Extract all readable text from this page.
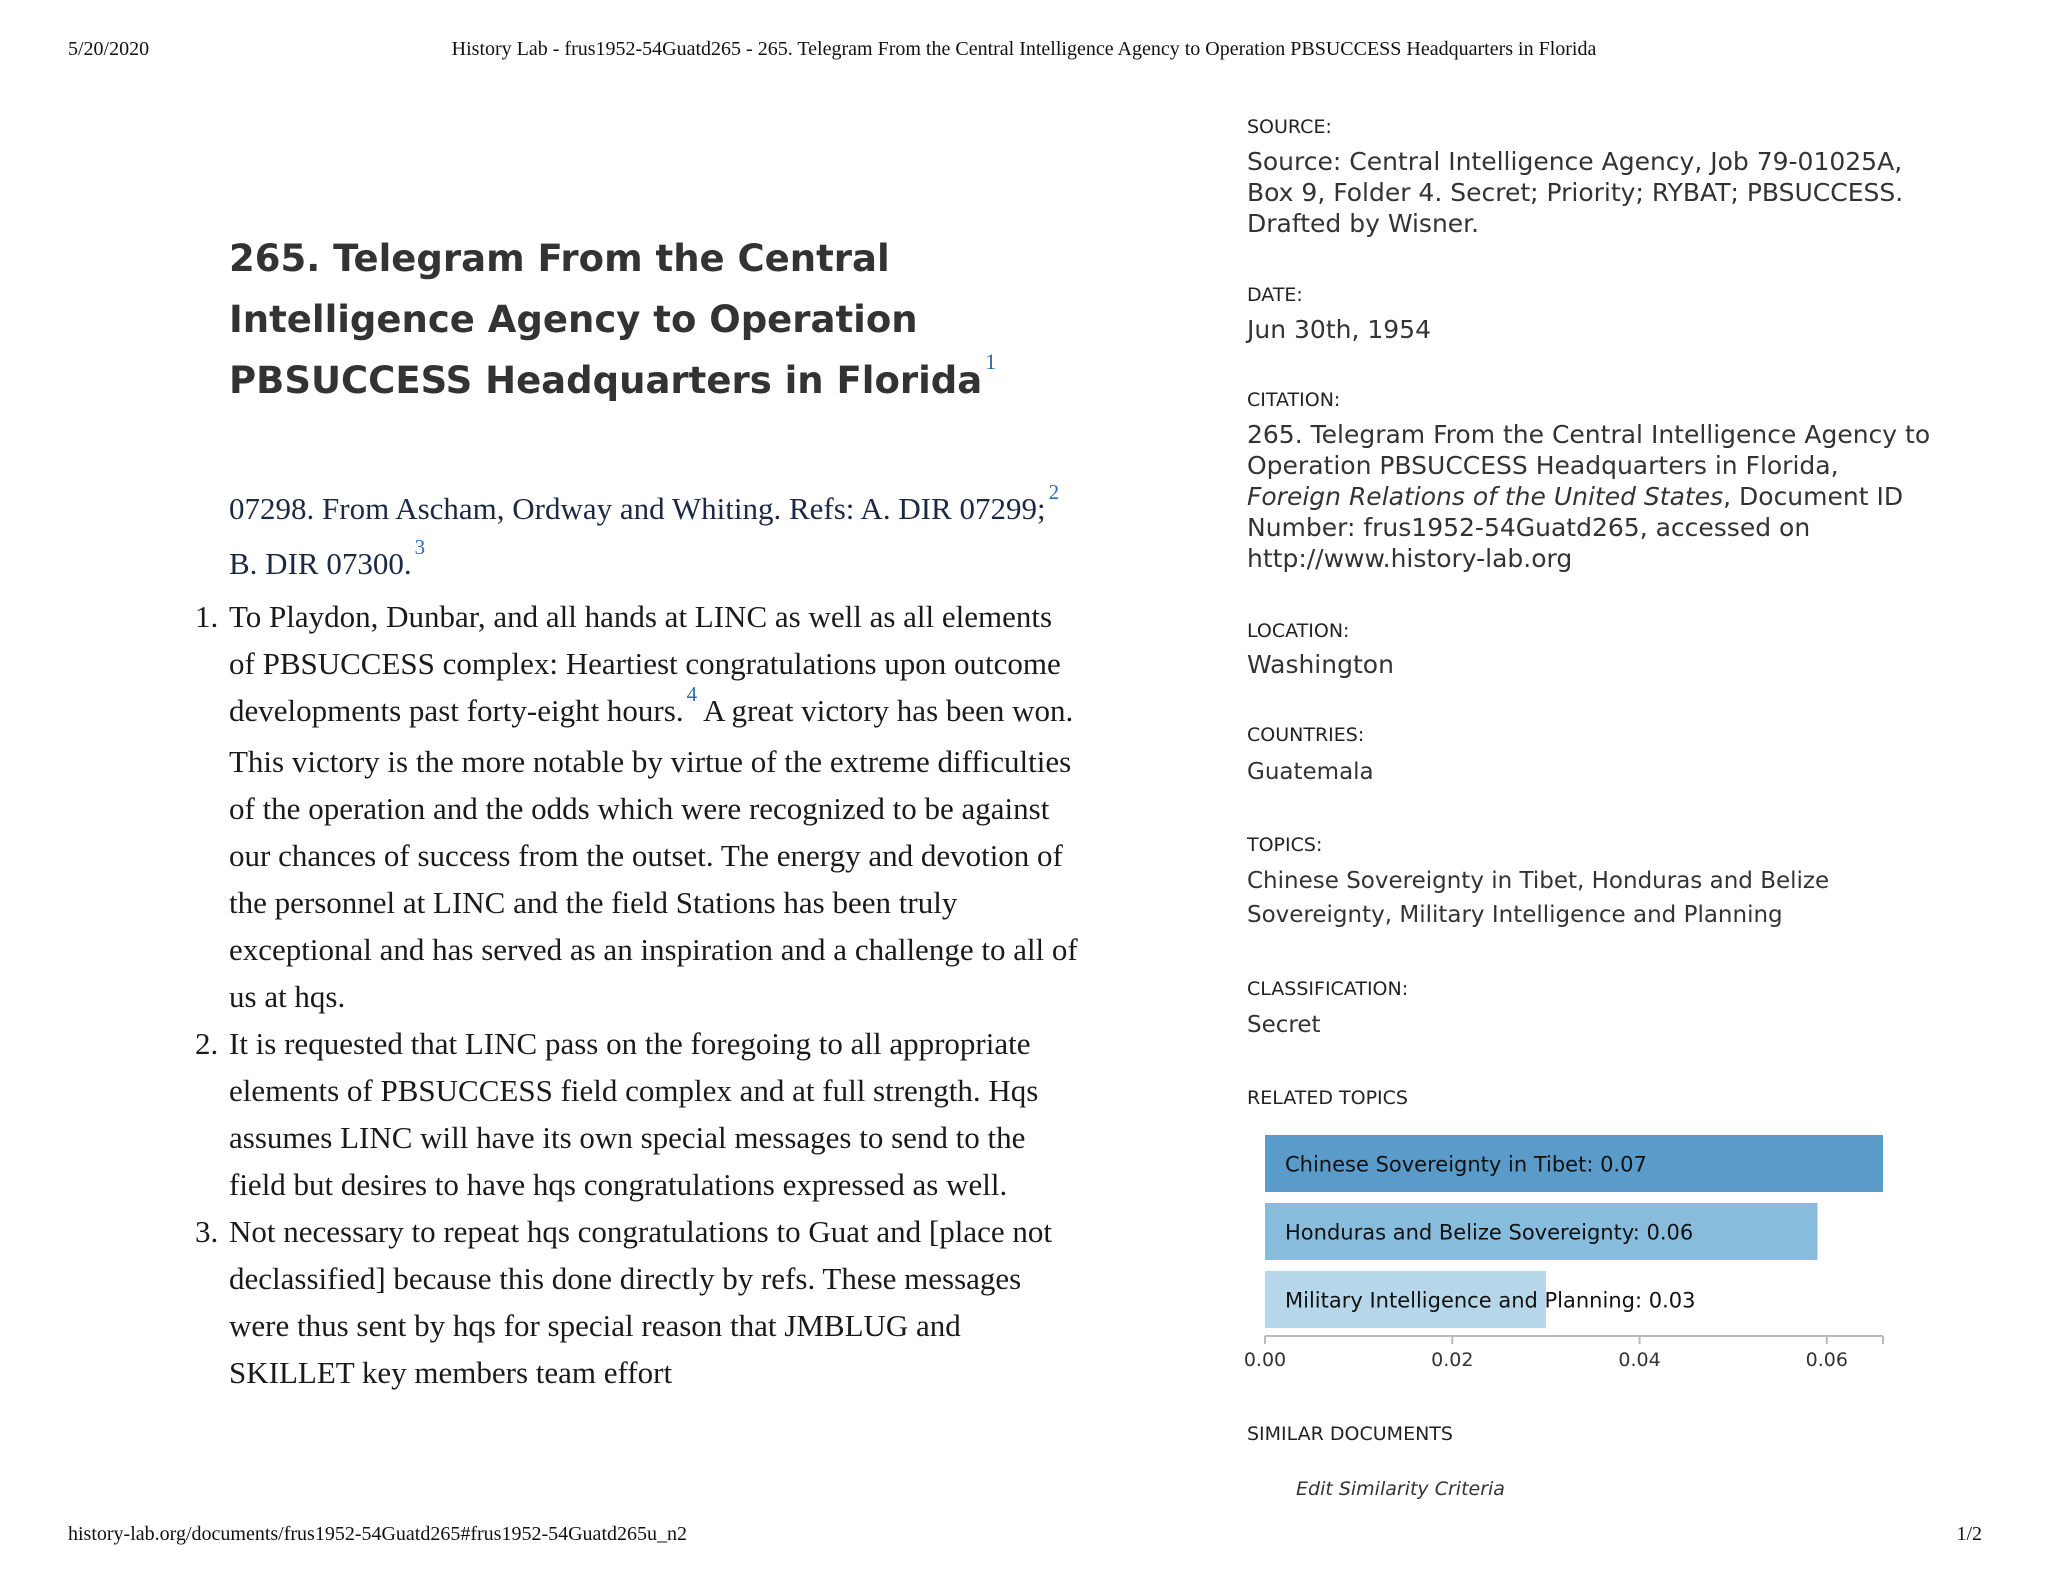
5/20/2020	History Lab - frus1952-54Guatd265 - 265. Telegram From the Central Intelligence Agency to Operation PBSUCCESS Headquarters in Florida
265. Telegram From the Central Intelligence Agency to Operation PBSUCCESS Headquarters in Florida $^1$

07298. From Ascham, Ordway and Whiting. Refs: A. DIR 07299; $^2$ B. DIR 07300. $^3$

1. To Playdon, Dunbar, and all hands at LINC as well as all elements of PBSUCCESS complex: Heartiest congratulations upon outcome developments past forty-eight hours. $^4$ A great victory has been won. This victory is the more notable by virtue of the extreme difficulties of the operation and the odds which were recognized to be against our chances of success from the outset. The energy and devotion of the personnel at LINC and the field Stations has been truly exceptional and has served as an inspiration and a challenge to all of us at hqs.
2. It is requested that LINC pass on the foregoing to all appropriate elements of PBSUCCESS field complex and at full strength. Hqs assumes LINC will have its own special messages to send to the field but desires to have hqs congratulations expressed as well.
3. Not necessary to repeat hqs congratulations to Guat and [place not declassified] because this done directly by refs. These messages were thus sent by hqs for special reason that JMBLUG and SKILLET key members team effort
SOURCE:
Source: Central Intelligence Agency, Job 79-01025A, Box 9, Folder 4. Secret; Priority; RYBAT; PBSUCCESS. Drafted by Wisner.
DATE:
Jun 30th, 1954
CITATION:
265. Telegram From the Central Intelligence Agency to Operation PBSUCCESS Headquarters in Florida, Foreign Relations of the United States, Document ID Number: frus1952-54Guatd265, accessed on http://www.history-lab.org
LOCATION:
Washington
COUNTRIES:
Guatemala
TOPICS:
Chinese Sovereignty in Tibet, Honduras and Belize Sovereignty, Military Intelligence and Planning
CLASSIFICATION:
Secret
RELATED TOPICS
SIMILAR DOCUMENTS
Chinese Sovereignty in Tibet: 0.07
Honduras and Belize Sovereignty: 0.06
Military Intelligence and Planning: 0.03
0.00	0.02	0.04	0.06
Edit Similarity Criteria
history-lab.org/documents/frus1952-54Guatd265#frus1952-54Guatd265u_n2	1/2
